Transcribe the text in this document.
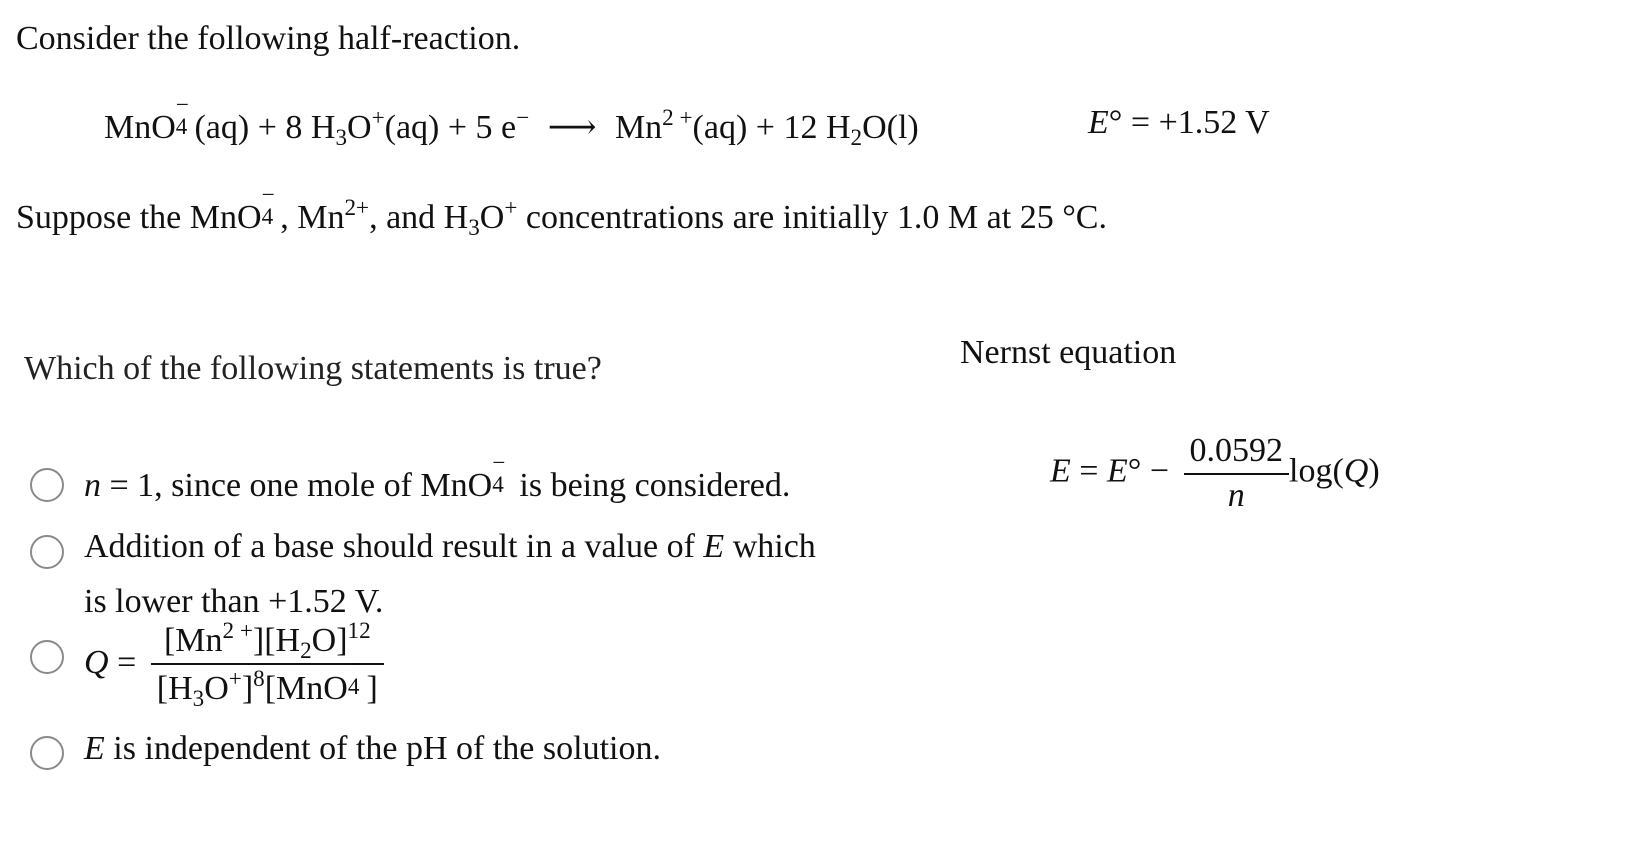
Consider the following half-reaction.
MnO
−
4 (aq) + 8 $H_3O^+(aq) + 5$ e− ⟶ $Mn^{2 +}(aq) + 12$ $H_2O(l)$	E° = +1.52 V
Suppose the MnO
−
4 , $Mn^{2+}$, and $H_3O^+$ concentrations are initially 1.0 M at 25 °C.
Which of the following statements is true?	Nernst equation
$E = E^\circ - \frac{0.0592}{n} \log(Q)$
n = 1, since one mole of MnO
−
4 is being considered.
Addition of a base should result in a value of E which
is lower than +1.52 V.
$Q = [Mn^{2 +}][H_2O]^{12}$
$[H_3O^+]^8[MnO$
−
4 ]
E is independent of the pH of the solution.
